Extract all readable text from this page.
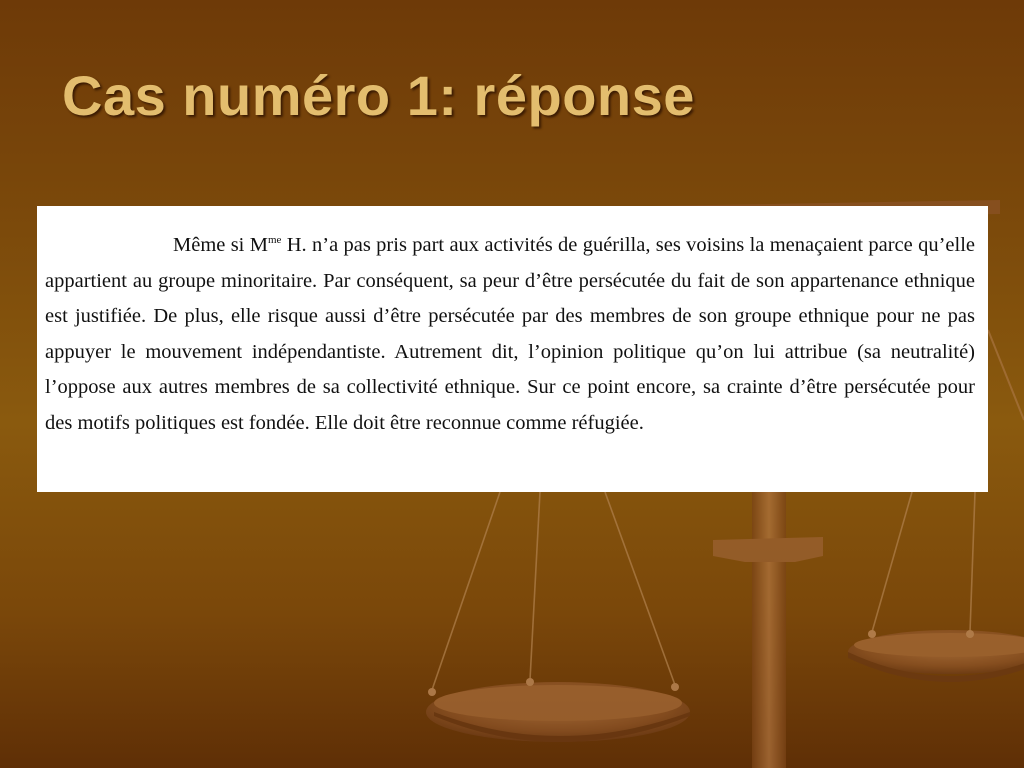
Cas numéro 1: réponse

Même si $M^{me}$ H. n’a pas pris part aux activités de guérilla, ses voisins la menaçaient parce qu’elle appartient au groupe minoritaire. Par conséquent, sa peur d’être persécutée du fait de son appartenance ethnique est justifiée. De plus, elle risque aussi d’être persécutée par des membres de son groupe ethnique pour ne pas appuyer le mouvement indépendantiste. Autrement dit, l’opinion politique qu’on lui attribue (sa neutralité) l’oppose aux autres membres de sa collectivité ethnique. Sur ce point encore, sa crainte d’être persécutée pour des motifs politiques est fondée. Elle doit être reconnue comme réfugiée.
